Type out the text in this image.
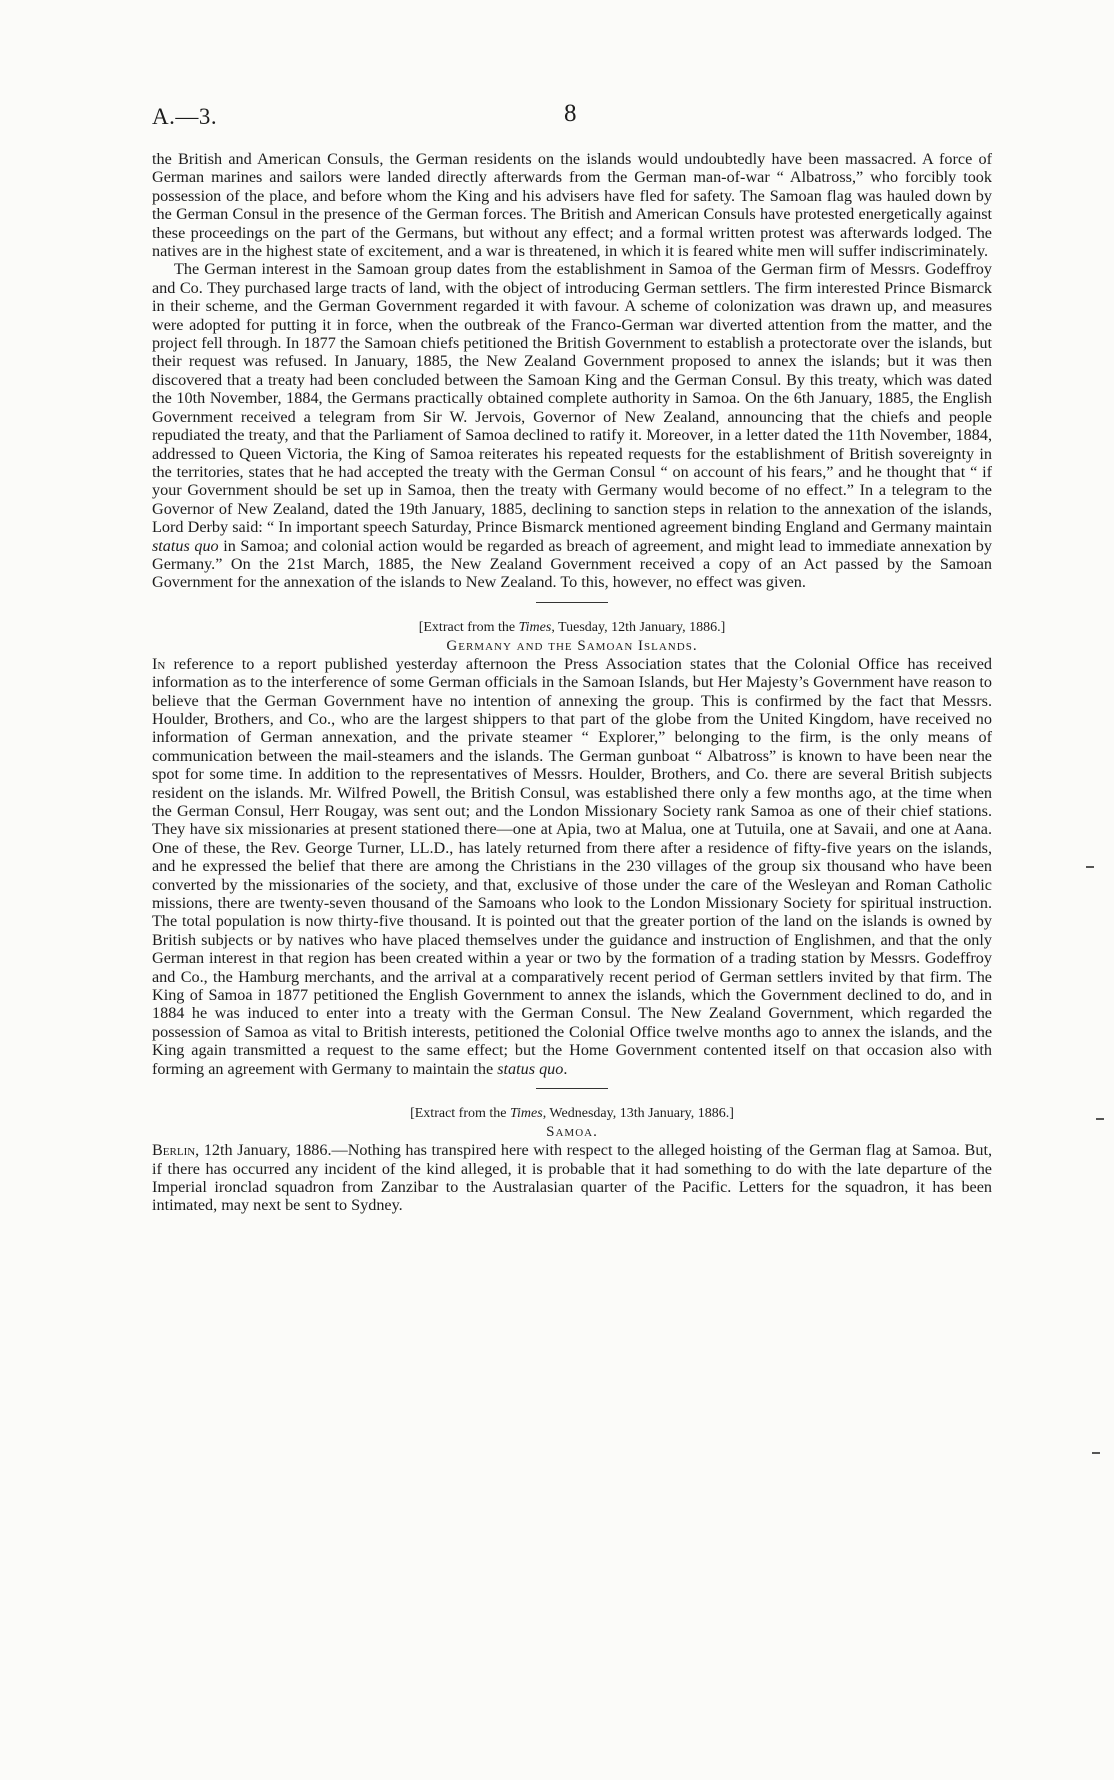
A.—3.	8

the British and American Consuls, the German residents on the islands would undoubtedly have been massacred. A force of German marines and sailors were landed directly afterwards from the German man-of-war “ Albatross,” who forcibly took possession of the place, and before whom the King and his advisers have fled for safety. The Samoan flag was hauled down by the German Consul in the presence of the German forces. The British and American Consuls have protested energetically against these proceedings on the part of the Germans, but without any effect; and a formal written protest was afterwards lodged. The natives are in the highest state of excitement, and a war is threatened, in which it is feared white men will suffer indiscriminately.

The German interest in the Samoan group dates from the establishment in Samoa of the German firm of Messrs. Godeffroy and Co. They purchased large tracts of land, with the object of introducing German settlers. The firm interested Prince Bismarck in their scheme, and the German Government regarded it with favour. A scheme of colonization was drawn up, and measures were adopted for putting it in force, when the outbreak of the Franco-German war diverted attention from the matter, and the project fell through. In 1877 the Samoan chiefs petitioned the British Government to establish a protectorate over the islands, but their request was refused. In January, 1885, the New Zealand Government proposed to annex the islands; but it was then discovered that a treaty had been concluded between the Samoan King and the German Consul. By this treaty, which was dated the 10th November, 1884, the Germans practically obtained complete authority in Samoa. On the 6th January, 1885, the English Government received a telegram from Sir W. Jervois, Governor of New Zealand, announcing that the chiefs and people repudiated the treaty, and that the Parliament of Samoa declined to ratify it. Moreover, in a letter dated the 11th November, 1884, addressed to Queen Victoria, the King of Samoa reiterates his repeated requests for the establishment of British sovereignty in the territories, states that he had accepted the treaty with the German Consul “ on account of his fears,” and he thought that “ if your Government should be set up in Samoa, then the treaty with Germany would become of no effect.” In a telegram to the Governor of New Zealand, dated the 19th January, 1885, declining to sanction steps in relation to the annexation of the islands, Lord Derby said: “ In important speech Saturday, Prince Bismarck mentioned agreement binding England and Germany maintain status quo in Samoa; and colonial action would be regarded as breach of agreement, and might lead to immediate annexation by Germany.” On the 21st March, 1885, the New Zealand Government received a copy of an Act passed by the Samoan Government for the annexation of the islands to New Zealand. To this, however, no effect was given.

[Extract from the Times, Tuesday, 12th January, 1886.]

Germany and the Samoan Islands.

In reference to a report published yesterday afternoon the Press Association states that the Colonial Office has received information as to the interference of some German officials in the Samoan Islands, but Her Majesty’s Government have reason to believe that the German Government have no intention of annexing the group. This is confirmed by the fact that Messrs. Houlder, Brothers, and Co., who are the largest shippers to that part of the globe from the United Kingdom, have received no information of German annexation, and the private steamer “ Explorer,” belonging to the firm, is the only means of communication between the mail-steamers and the islands. The German gunboat “ Albatross” is known to have been near the spot for some time. In addition to the representatives of Messrs. Houlder, Brothers, and Co. there are several British subjects resident on the islands. Mr. Wilfred Powell, the British Consul, was established there only a few months ago, at the time when the German Consul, Herr Rougay, was sent out; and the London Missionary Society rank Samoa as one of their chief stations. They have six missionaries at present stationed there—one at Apia, two at Malua, one at Tutuila, one at Savaii, and one at Aana. One of these, the Rev. George Turner, LL.D., has lately returned from there after a residence of fifty-five years on the islands, and he expressed the belief that there are among the Christians in the 230 villages of the group six thousand who have been converted by the missionaries of the society, and that, exclusive of those under the care of the Wesleyan and Roman Catholic missions, there are twenty-seven thousand of the Samoans who look to the London Missionary Society for spiritual instruction. The total population is now thirty-five thousand. It is pointed out that the greater portion of the land on the islands is owned by British subjects or by natives who have placed themselves under the guidance and instruction of Englishmen, and that the only German interest in that region has been created within a year or two by the formation of a trading station by Messrs. Godeffroy and Co., the Hamburg merchants, and the arrival at a comparatively recent period of German settlers invited by that firm. The King of Samoa in 1877 petitioned the English Government to annex the islands, which the Government declined to do, and in 1884 he was induced to enter into a treaty with the German Consul. The New Zealand Government, which regarded the possession of Samoa as vital to British interests, petitioned the Colonial Office twelve months ago to annex the islands, and the King again transmitted a request to the same effect; but the Home Government contented itself on that occasion also with forming an agreement with Germany to maintain the status quo.

[Extract from the Times, Wednesday, 13th January, 1886.]

Samoa.

Berlin, 12th January, 1886.—Nothing has transpired here with respect to the alleged hoisting of the German flag at Samoa. But, if there has occurred any incident of the kind alleged, it is probable that it had something to do with the late departure of the Imperial ironclad squadron from Zanzibar to the Australasian quarter of the Pacific. Letters for the squadron, it has been intimated, may next be sent to Sydney.
